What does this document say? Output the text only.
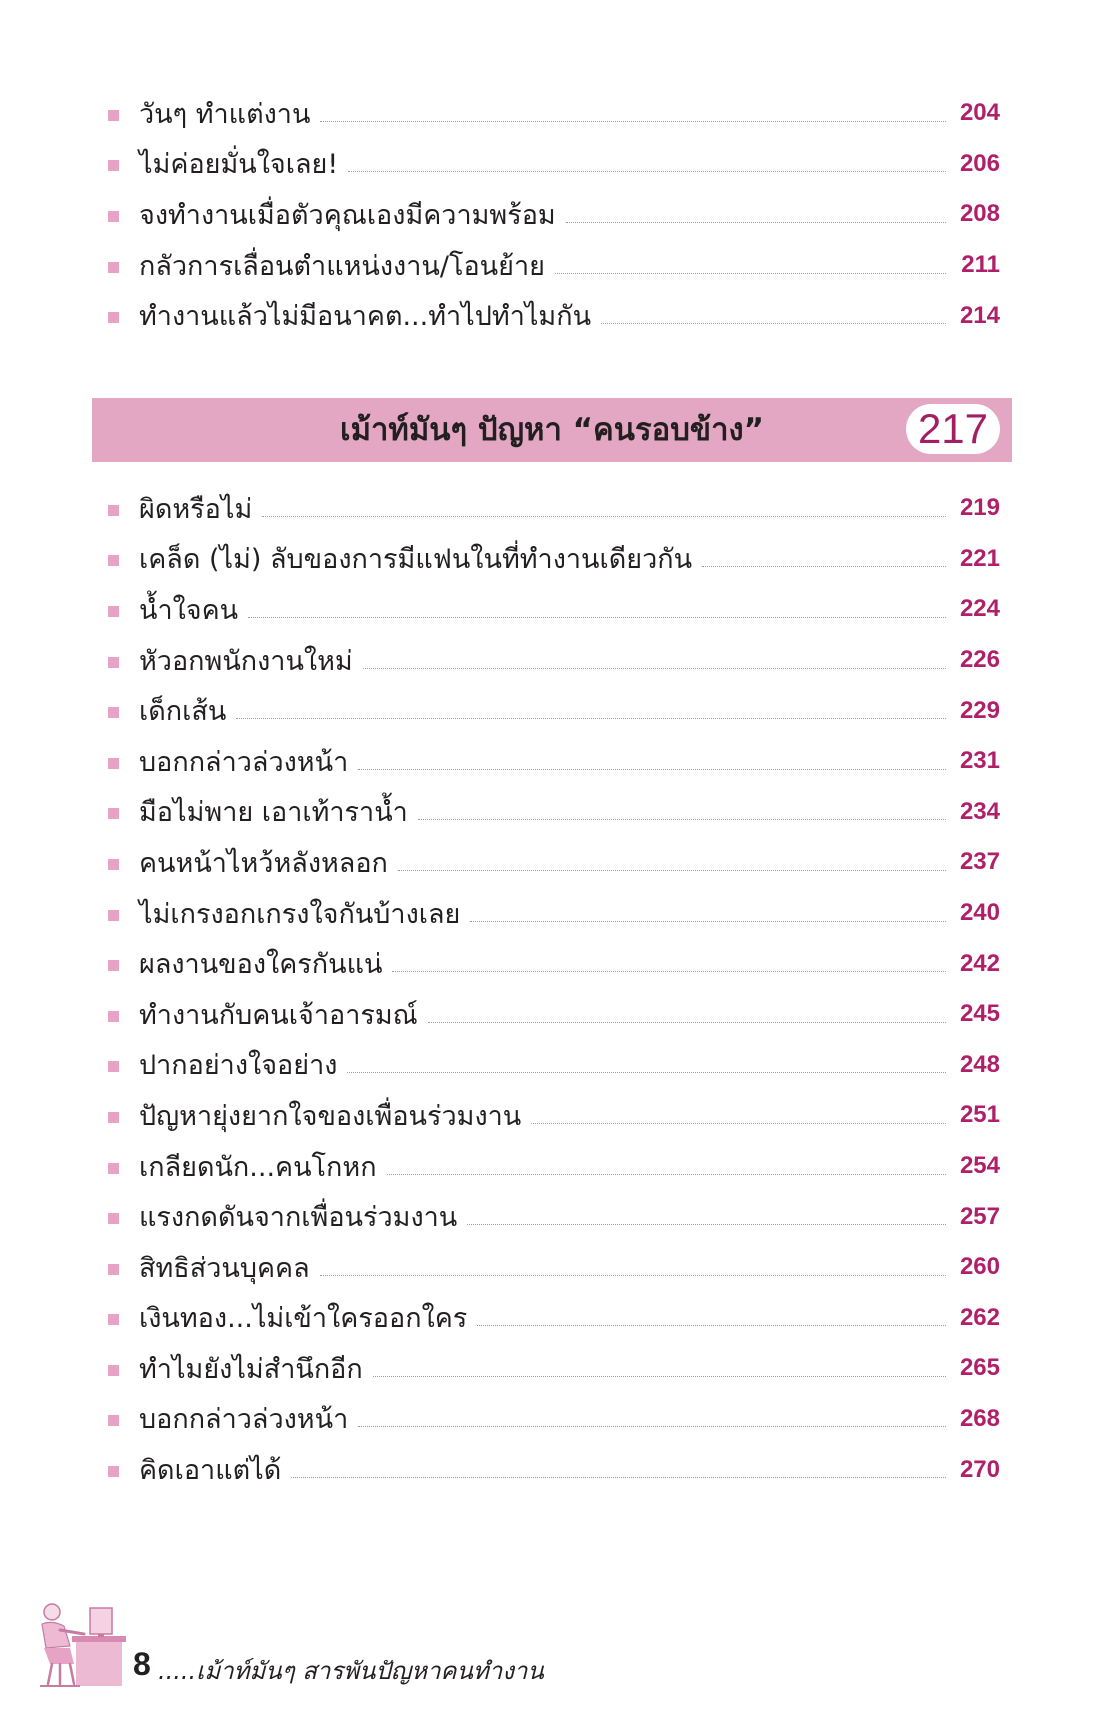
วันๆ ทำแต่งาน	204
ไม่ค่อยมั่นใจเลย!	206
จงทำงานเมื่อตัวคุณเองมีความพร้อม	208
กลัวการเลื่อนตำแหน่งงาน/โอนย้าย	211
ทำงานแล้วไม่มีอนาคต...ทำไปทำไมกัน	214
เม้าท์มันๆ ปัญหา “คนรอบข้าง”	217
ผิดหรือไม่	219
เคล็ด (ไม่) ลับของการมีแฟนในที่ทำงานเดียวกัน	221
น้ำใจคน	224
หัวอกพนักงานใหม่	226
เด็กเส้น	229
บอกกล่าวล่วงหน้า	231
มือไม่พาย เอาเท้าราน้ำ	234
คนหน้าไหว้หลังหลอก	237
ไม่เกรงอกเกรงใจกันบ้างเลย	240
ผลงานของใครกันแน่	242
ทำงานกับคนเจ้าอารมณ์	245
ปากอย่างใจอย่าง	248
ปัญหายุ่งยากใจของเพื่อนร่วมงาน	251
เกลียดนัก...คนโกหก	254
แรงกดดันจากเพื่อนร่วมงาน	257
สิทธิส่วนบุคคล	260
เงินทอง...ไม่เข้าใครออกใคร	262
ทำไมยังไม่สำนึกอีก	265
บอกกล่าวล่วงหน้า	268
คิดเอาแต่ได้	270
8 .....เม้าท์มันๆ สารพันปัญหาคนทำงาน
